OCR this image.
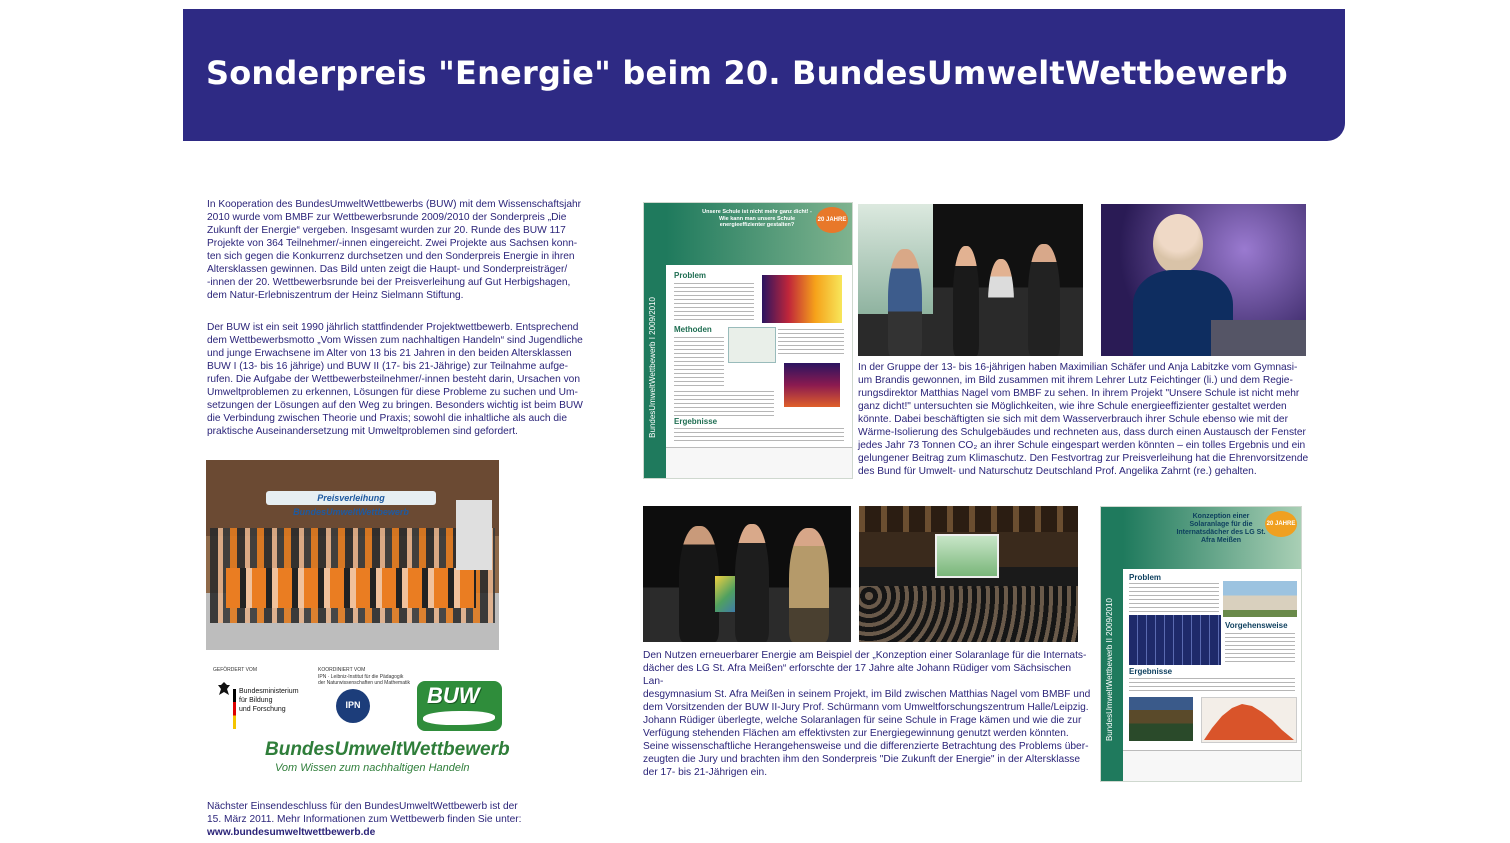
Sonderpreis "Energie" beim 20. BundesUmweltWettbewerb
In Kooperation des BundesUmweltWettbewerbs (BUW) mit dem Wissenschaftsjahr
2010 wurde vom BMBF zur Wettbewerbsrunde 2009/2010 der Sonderpreis „Die
Zukunft der Energie“ vergeben. Insgesamt wurden zur 20. Runde des BUW 117
Projekte von 364 Teilnehmer/-innen eingereicht. Zwei Projekte aus Sachsen konn-
ten sich gegen die Konkurrenz durchsetzen und den Sonderpreis Energie in ihren
Altersklassen gewinnen. Das Bild unten zeigt die Haupt- und Sonderpreisträger/
-innen der 20. Wettbewerbsrunde bei der Preisverleihung auf Gut Herbigshagen,
dem Natur-Erlebniszentrum der Heinz Sielmann Stiftung.
Der BUW ist ein seit 1990 jährlich stattfindender Projektwettbewerb. Entsprechend
dem Wettbewerbsmotto „Vom Wissen zum nachhaltigen Handeln“ sind Jugendliche
und junge Erwachsene im Alter von 13 bis 21 Jahren in den beiden Altersklassen
BUW I (13- bis 16 jährige) und BUW II (17- bis 21-Jährige) zur Teilnahme aufge-
rufen. Die Aufgabe der Wettbewerbsteilnehmer/-innen besteht darin, Ursachen von
Umweltproblemen zu erkennen, Lösungen für diese Probleme zu suchen und Um-
setzungen der Lösungen auf den Weg zu bringen. Besonders wichtig ist beim BUW
die Verbindung zwischen Theorie und Praxis; sowohl die inhaltliche als auch die
praktische Auseinandersetzung mit Umweltproblemen sind gefordert.
Preisverleihung BundesUmweltWettbewerb
GEFÖRDERT VOM
Bundesministerium
für Bildung
und Forschung
KOORDINIERT VOM
IPN · Leibniz-Institut für die Pädagogik
der Naturwissenschaften und Mathematik
IPN	BUW
BundesUmweltWettbewerb
Vom Wissen zum nachhaltigen Handeln
Nächster Einsendeschluss für den BundesUmweltWettbewerb ist der
15. März 2011. Mehr Informationen zum Wettbewerb finden Sie unter:
www.bundesumweltwettbewerb.de
BundesUmweltWettbewerb I 2009/2010
Unsere Schule ist nicht mehr ganz dicht! - Wie kann man unsere Schule energieeffizienter gestalten?
20 JAHRE
Problem
Methoden
Ergebnisse
In der Gruppe der 13- bis 16-jährigen haben Maximilian Schäfer und Anja Labitzke vom Gymnasi-
um Brandis gewonnen, im Bild zusammen mit ihrem Lehrer Lutz Feichtinger (li.) und dem Regie-
rungsdirektor Matthias Nagel vom BMBF zu sehen. In ihrem Projekt "Unsere Schule ist nicht mehr
ganz dicht!" untersuchten sie Möglichkeiten, wie ihre Schule energieeffizienter gestaltet werden
könnte. Dabei beschäftigten sie sich mit dem Wasserverbrauch ihrer Schule ebenso wie mit der
Wärme-Isolierung des Schulgebäudes und rechneten aus, dass durch einen Austausch der Fenster
jedes Jahr 73 Tonnen CO₂ an ihrer Schule eingespart werden könnten – ein tolles Ergebnis und ein
gelungener Beitrag zum Klimaschutz. Den Festvortrag zur Preisverleihung hat die Ehrenvorsitzende
des Bund für Umwelt- und Naturschutz Deutschland Prof. Angelika Zahrnt (re.) gehalten.
BundesUmweltWettbewerb II 2009/2010
Konzeption einer Solaranlage für die Internatsdächer des LG St. Afra Meißen
20 JAHRE
Problem
Vorgehensweise
Ergebnisse
Den Nutzen erneuerbarer Energie am Beispiel der „Konzeption einer Solaranlage für die Internats-
dächer des LG St. Afra Meißen“ erforschte der 17 Jahre alte Johann Rüdiger vom Sächsischen Lan-
desgymnasium St. Afra Meißen in seinem Projekt, im Bild zwischen Matthias Nagel vom BMBF und
dem Vorsitzenden der BUW II-Jury Prof. Schürmann vom Umweltforschungszentrum Halle/Leipzig.
Johann Rüdiger überlegte, welche Solaranlagen für seine Schule in Frage kämen und wie die zur
Verfügung stehenden Flächen am effektivsten zur Energiegewinnung genutzt werden könnten.
Seine wissenschaftliche Herangehensweise und die differenzierte Betrachtung des Problems über-
zeugten die Jury und brachten ihm den Sonderpreis "Die Zukunft der Energie" in der Altersklasse
der 17- bis 21-Jährigen ein.
